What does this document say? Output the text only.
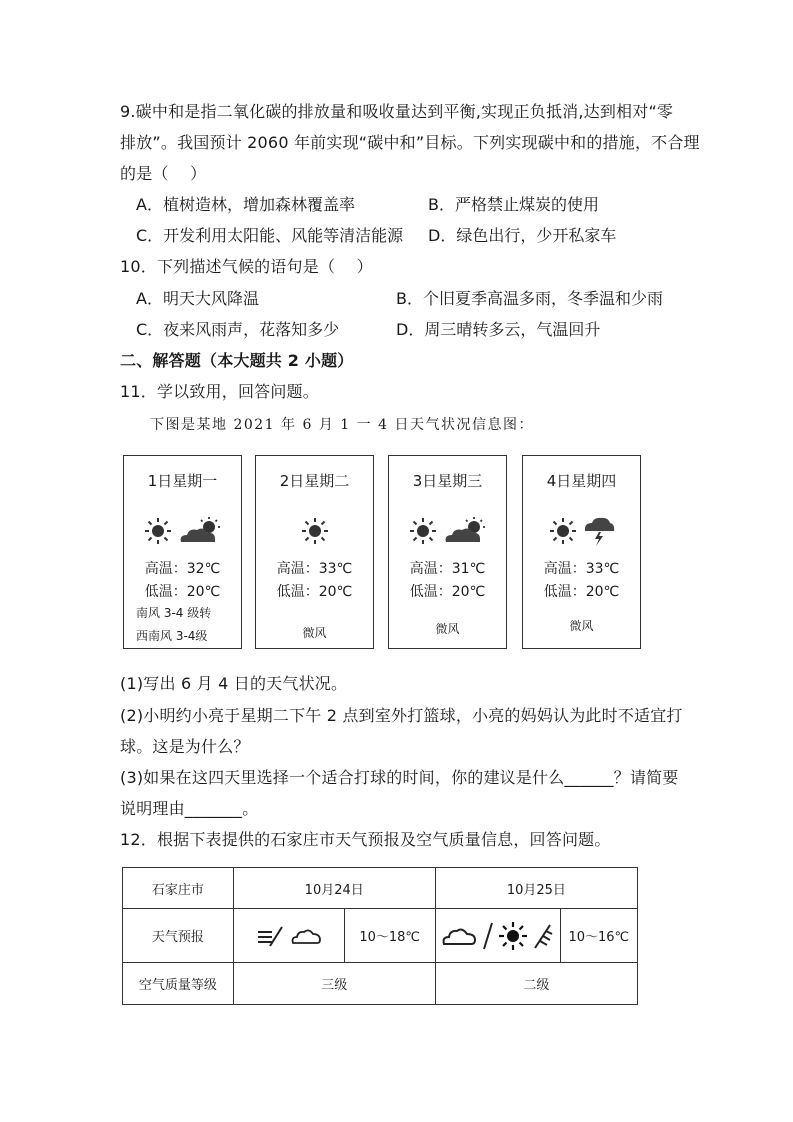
9.碳中和是指二氧化碳的排放量和吸收量达到平衡,实现正负抵消,达到相对“零
排放”。我国预计 2060 年前实现“碳中和”目标。下列实现碳中和的措施，不合理
的是（　 ）
A．植树造林，增加森林覆盖率	B．严格禁止煤炭的使用
C．开发利用太阳能、风能等清洁能源 D．绿色出行，少开私家车
10．下列描述气候的语句是（　 ）
A．明天大风降温	B．个旧夏季高温多雨，冬季温和少雨
C．夜来风雨声，花落知多少	D．周三晴转多云，气温回升
二、解答题（本大题共 2 小题）
11．学以致用，回答问题。
下图是某地 2021 年 6 月 1 一 4 日天气状况信息图：
1日星期一
高温：32℃
低温：20℃
南风 3-4 级转
西南风 3-4级
2日星期二
高温：33℃
低温：20℃
微风
3日星期三
高温：31℃
低温：20℃
微风
4日星期四
高温：33℃
低温：20℃
微风
(1)写出 6 月 4 日的天气状况。
(2)小明约小亮于星期二下午 2 点到室外打篮球，小亮的妈妈认为此时不适宜打
球。这是为什么？
(3)如果在这四天里选择一个适合打球的时间，你的建议是什么______？请简要
说明理由_______。
12．根据下表提供的石家庄市天气预报及空气质量信息，回答问题。
石家庄市	10月24日		10月25日	
天气预报		10～18℃		10～16℃
空气质量等级	三级		二级	
